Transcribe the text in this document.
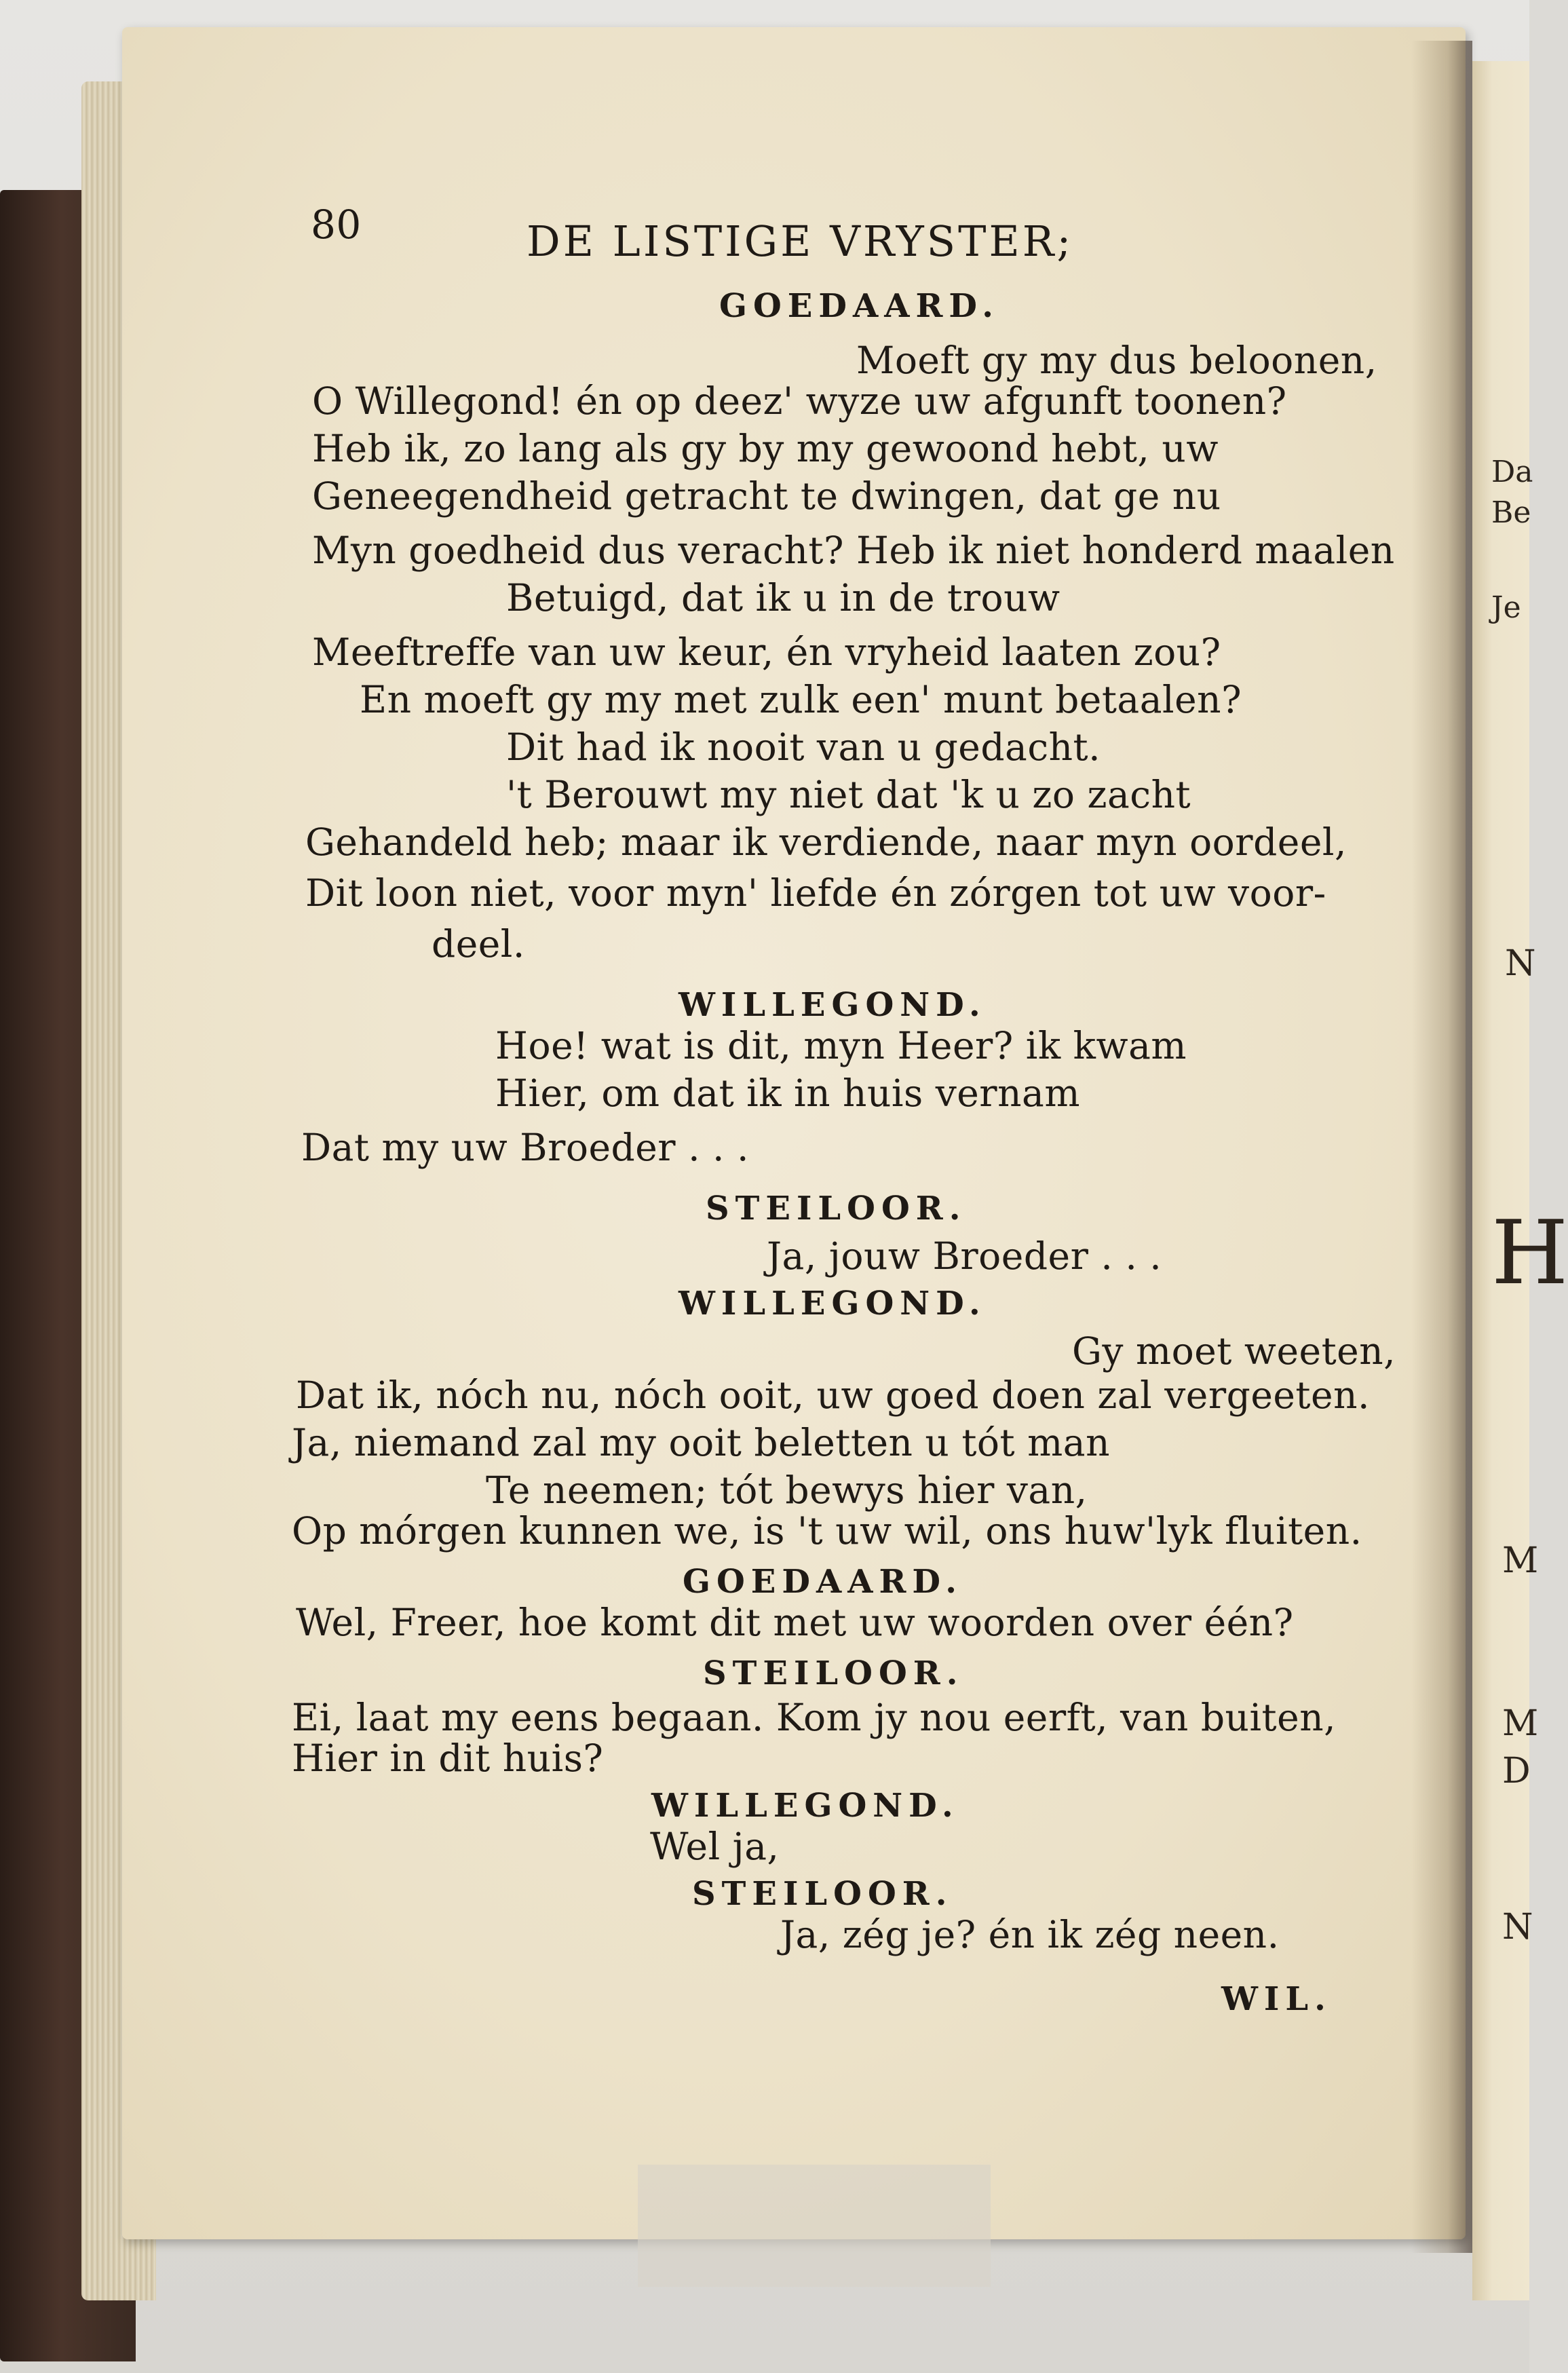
Da
Be
Je
N
H
M
M
D
N
80	DE LISTIGE VRYSTER;
GOEDAARD.
Moeft gy my dus beloonen,
O Willegond! én op deez' wyze uw afgunft toonen?
Heb ik, zo lang als gy by my gewoond hebt, uw
Geneegendheid getracht te dwingen, dat ge nu
Myn goedheid dus veracht? Heb ik niet honderd maalen
Betuigd, dat ik u in de trouw
Meeftreffe van uw keur, én vryheid laaten zou?
En moeft gy my met zulk een' munt betaalen?
Dit had ik nooit van u gedacht.
't Berouwt my niet dat 'k u zo zacht
Gehandeld heb; maar ik verdiende, naar myn oordeel,
Dit loon niet, voor myn' liefde én zórgen tot uw voor-
deel.
WILLEGOND.
Hoe! wat is dit, myn Heer? ik kwam
Hier, om dat ik in huis vernam
Dat my uw Broeder . . .
STEILOOR.
Ja, jouw Broeder . . .
WILLEGOND.
Gy moet weeten,
Dat ik, nóch nu, nóch ooit, uw goed doen zal vergeeten.
Ja, niemand zal my ooit beletten u tót man
Te neemen; tót bewys hier van,
Op mórgen kunnen we, is 't uw wil, ons huw'lyk fluiten.
GOEDAARD.
Wel, Freer, hoe komt dit met uw woorden over één?
STEILOOR.
Ei, laat my eens begaan. Kom jy nou eerft, van buiten,
Hier in dit huis?
WILLEGOND.
Wel ja,
STEILOOR.
Ja, zég je? én ik zég neen.
WIL.
